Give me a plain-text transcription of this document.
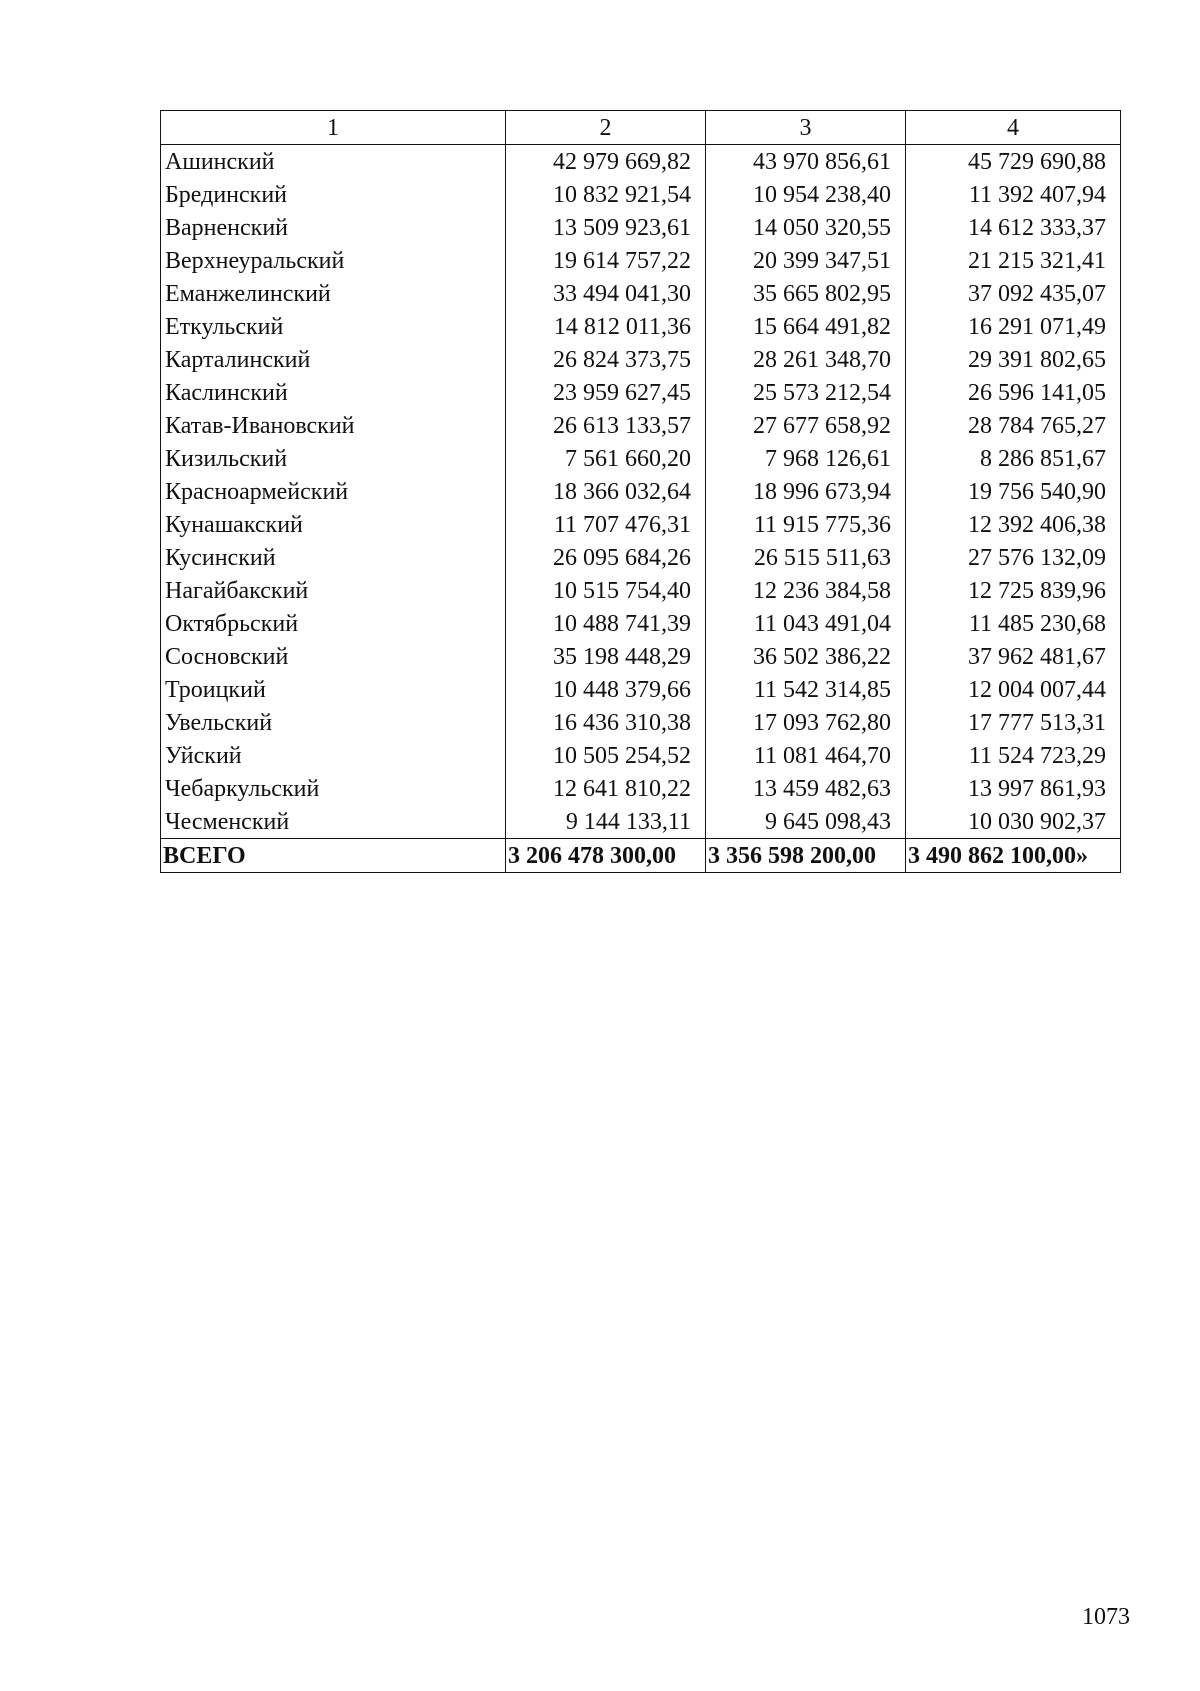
1	2	3	4
Ашинский	42 979 669,82	43 970 856,61	45 729 690,88
Брединский	10 832 921,54	10 954 238,40	11 392 407,94
Варненский	13 509 923,61	14 050 320,55	14 612 333,37
Верхнеуральский	19 614 757,22	20 399 347,51	21 215 321,41
Еманжелинский	33 494 041,30	35 665 802,95	37 092 435,07
Еткульский	14 812 011,36	15 664 491,82	16 291 071,49
Карталинский	26 824 373,75	28 261 348,70	29 391 802,65
Каслинский	23 959 627,45	25 573 212,54	26 596 141,05
Катав-Ивановский	26 613 133,57	27 677 658,92	28 784 765,27
Кизильский	7 561 660,20	7 968 126,61	8 286 851,67
Красноармейский	18 366 032,64	18 996 673,94	19 756 540,90
Кунашакский	11 707 476,31	11 915 775,36	12 392 406,38
Кусинский	26 095 684,26	26 515 511,63	27 576 132,09
Нагайбакский	10 515 754,40	12 236 384,58	12 725 839,96
Октябрьский	10 488 741,39	11 043 491,04	11 485 230,68
Сосновский	35 198 448,29	36 502 386,22	37 962 481,67
Троицкий	10 448 379,66	11 542 314,85	12 004 007,44
Увельский	16 436 310,38	17 093 762,80	17 777 513,31
Уйский	10 505 254,52	11 081 464,70	11 524 723,29
Чебаркульский	12 641 810,22	13 459 482,63	13 997 861,93
Чесменский	9 144 133,11	9 645 098,43	10 030 902,37
ВСЕГО	3 206 478 300,00	3 356 598 200,00	3 490 862 100,00»
1073
